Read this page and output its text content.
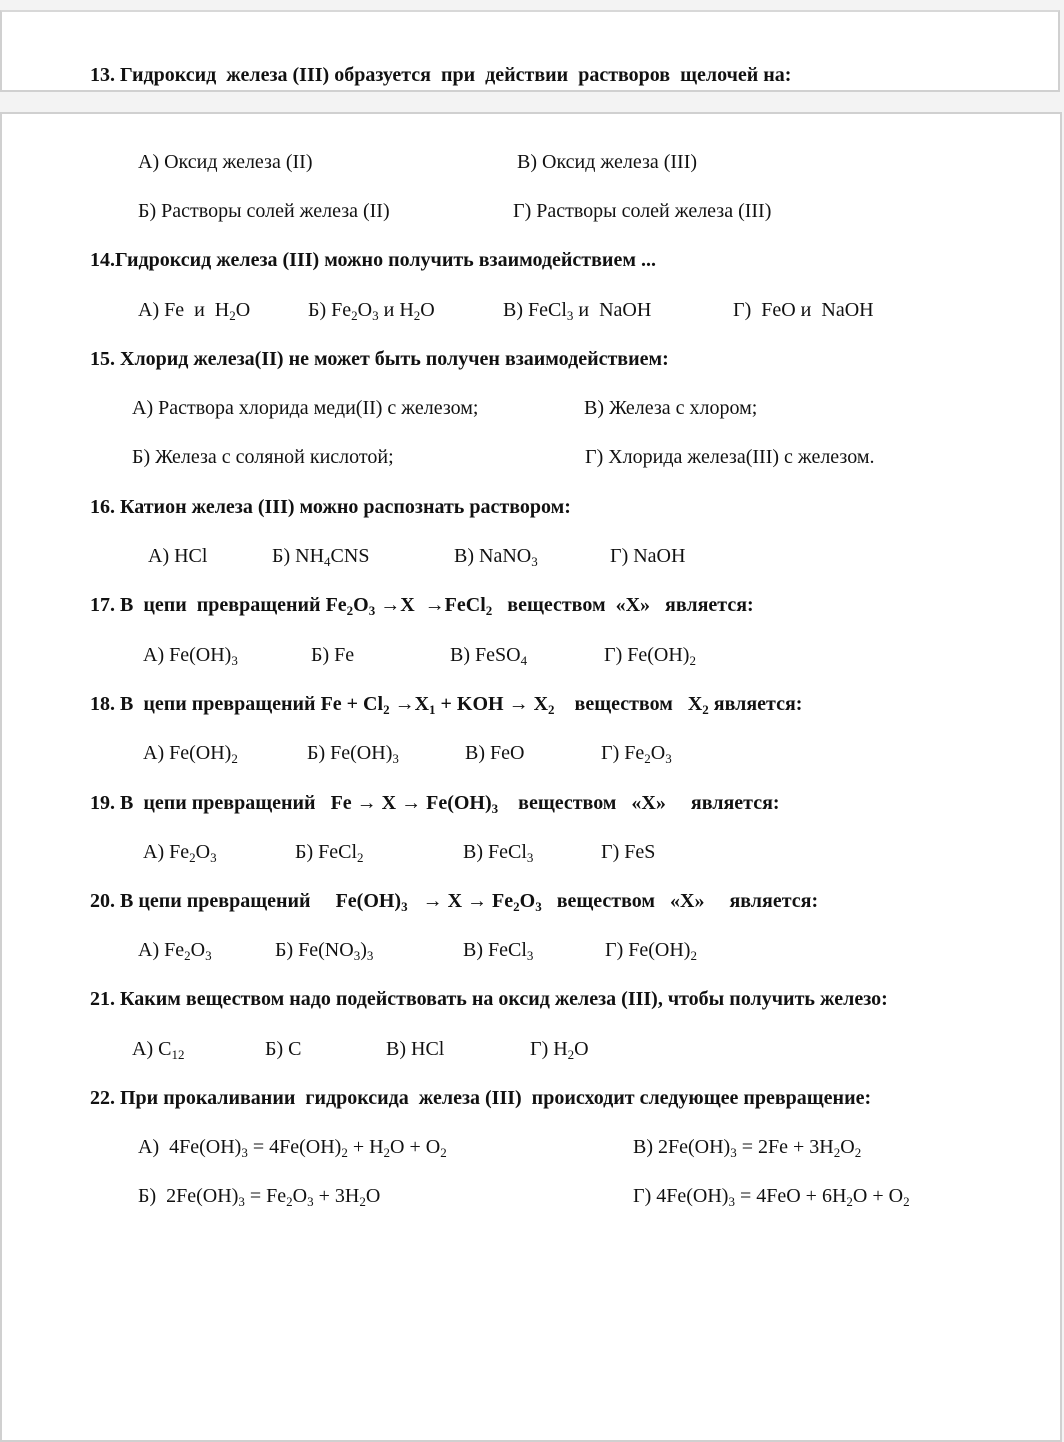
13. Гидроксид  железа (III) образуется  при  действии  растворов  щелочей на:
А) Оксид железа (II)	В) Оксид железа (III)
Б) Растворы солей железа (II)	Г) Растворы солей железа (III)
14.Гидроксид железа (III) можно получить взаимодействием ...
А) Fe  и  $H_2O$	Б) $Fe_2O_3$ и $H_2O$	В) FeCl$_3$ и  NaOH	Г)  FeO и  NaOH
15. Хлорид железа(II) не может быть получен взаимодействием:
А) Раствора хлорида меди(II) с железом;	В) Железа с хлором;
Б) Железа с соляной кислотой;	Г) Хлорида железа(III) с железом.
16. Катион железа (III) можно распознать раствором:
А) HCl	Б) $NH_4CNS$	В) NaNO$_3$	Г) NaOH
17. В  цепи  превращений $Fe_2O_3 \to X$  →FeCl$_2$   веществом  «X»   является:
А) $Fe(OH)_3$	Б) Fe	В) FeSO$_4$	Г) $Fe(OH)_2$
18. В  цепи превращений $Fe + Cl_2 \to X_1$ + KOH → $X_2$    веществом   $X_2$ является:
А) $Fe(OH)_2$	Б) $Fe(OH)_3$	В) FeO	Г) $Fe_2O_3$
19. В  цепи превращений   $Fe \to X \to Fe(OH)_3$    веществом   «X»     является:
А) $Fe_2O_3$	Б) FeCl$_2$	В) FeCl$_3$	Г) FeS
20. В цепи превращений     $Fe(OH)_3 \to X \to Fe_2O_3$   веществом   «X»     является:
А) $Fe_2O_3$	Б) $Fe(NO_3)_3$	В) FeCl$_3$	Г) $Fe(OH)_2$
21. Каким веществом надо подействовать на оксид железа (III), чтобы получить железо:
А) $C_{12}$	Б) C	В) HCl	Г) $H_2O$
22. При прокаливании  гидроксида  железа (III)  происходит следующее превращение:
А)  $4Fe(OH)_3 = 4Fe(OH)_2 + H_2O + O_2$	В) $2Fe(OH)_3 = 2Fe + 3H_2O_2$
Б)  $2Fe(OH)_3 = Fe_2O_3 + 3H_2O$	Г) $4Fe(OH)_3 = 4FeO + 6H_2O + O_2$
